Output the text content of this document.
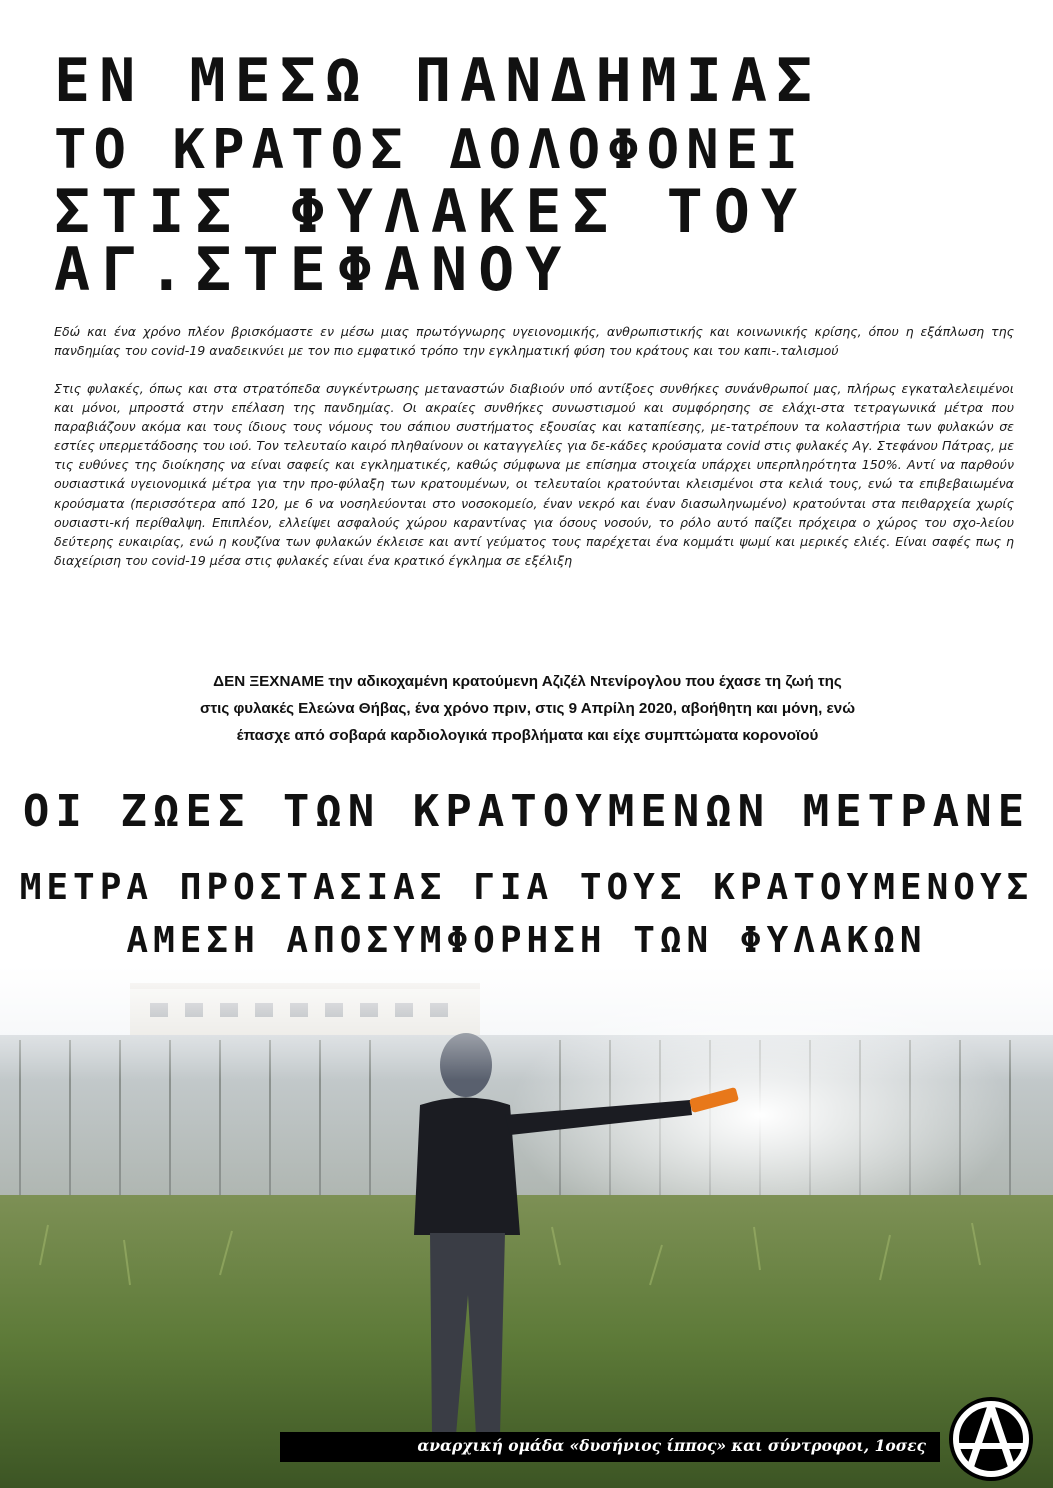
ΕΝ ΜΕΣΩ ΠΑΝΔΗΜΙΑΣ
ΤΟ ΚΡΑΤΟΣ ΔΟΛΟΦΟΝΕΙ
ΣΤΙΣ ΦΥΛΑΚΕΣ ΤΟΥ
ΑΓ.ΣΤΕΦΑΝΟΥ
Εδώ και ένα χρόνο πλέον βρισκόμαστε εν μέσω μιας πρωτόγνωρης υγειονομικής, ανθρωπιστικής και κοινωνικής κρίσης, όπου η εξάπλωση της πανδημίας του covid-19 αναδεικνύει με τον πιο εμφατικό τρόπο την εγκληματική φύση του κράτους και του καπι-.ταλισμού
Στις φυλακές, όπως και στα στρατόπεδα συγκέντρωσης μεταναστών διαβιούν υπό αντίξοες συνθήκες συνάνθρωποί μας, πλήρως εγκαταλελειμένοι και μόνοι, μπροστά στην επέλαση της πανδημίας. Οι ακραίες συνθήκες συνωστισμού και συμφόρησης σε ελάχι-στα τετραγωνικά μέτρα που παραβιάζουν ακόμα και τους ίδιους τους νόμους του σάπιου συστήματος εξουσίας και καταπίεσης, με-τατρέπουν τα κολαστήρια των φυλακών σε εστίες υπερμετάδοσης του ιού. Τον τελευταίο καιρό πληθαίνουν οι καταγγελίες για δε-κάδες κρούσματα covid στις φυλακές Αγ. Στεφάνου Πάτρας, με τις ευθύνες της διοίκησης να είναι σαφείς και εγκληματικές, καθώς σύμφωνα με επίσημα στοιχεία υπάρχει υπερπληρότητα 150%. Αντί να παρθούν ουσιαστικά υγειονομικά μέτρα για την προ-φύλαξη των κρατουμένων, οι τελευταίοι κρατούνται κλεισμένοι στα κελιά τους, ενώ τα επιβεβαιωμένα κρούσματα (περισσότερα από 120, με 6 να νοσηλεύονται στο νοσοκομείο, έναν νεκρό και έναν διασωληνωμένο) κρατούνται στα πειθαρχεία χωρίς ουσιαστι-κή περίθαλψη. Επιπλέον, ελλείψει ασφαλούς χώρου καραντίνας για όσους νοσούν, το ρόλο αυτό παίζει πρόχειρα ο χώρος του σχο-λείου δεύτερης ευκαιρίας, ενώ η κουζίνα των φυλακών έκλεισε και αντί γεύματος τους παρέχεται ένα κομμάτι ψωμί και μερικές ελιές. Είναι σαφές πως η διαχείριση του covid-19 μέσα στις φυλακές είναι ένα κρατικό έγκλημα σε εξέλιξη
ΔΕΝ ΞΕΧΝΑΜΕ την αδικοχαμένη κρατούμενη Αζιζέλ Ντενίρογλου που έχασε τη ζωή της
στις φυλακές Ελεώνα Θήβας, ένα χρόνο πριν, στις 9 Απρίλη 2020, αβοήθητη και μόνη, ενώ
έπασχε από σοβαρά καρδιολογικά προβλήματα και είχε συμπτώματα κορονοϊού
ΟΙ ΖΩΕΣ ΤΩΝ ΚΡΑΤΟΥΜΕΝΩΝ ΜΕΤΡΑΝΕ
ΜΕΤΡΑ ΠΡΟΣΤΑΣΙΑΣ ΓΙΑ ΤΟΥΣ ΚΡΑΤΟΥΜΕΝΟΥΣ
ΑΜΕΣΗ ΑΠΟΣΥΜΦΟΡΗΣΗ ΤΩΝ ΦΥΛΑΚΩΝ
αναρχική ομάδα «δυσήνιος ίππος» και σύντροφοι, 1οσες
